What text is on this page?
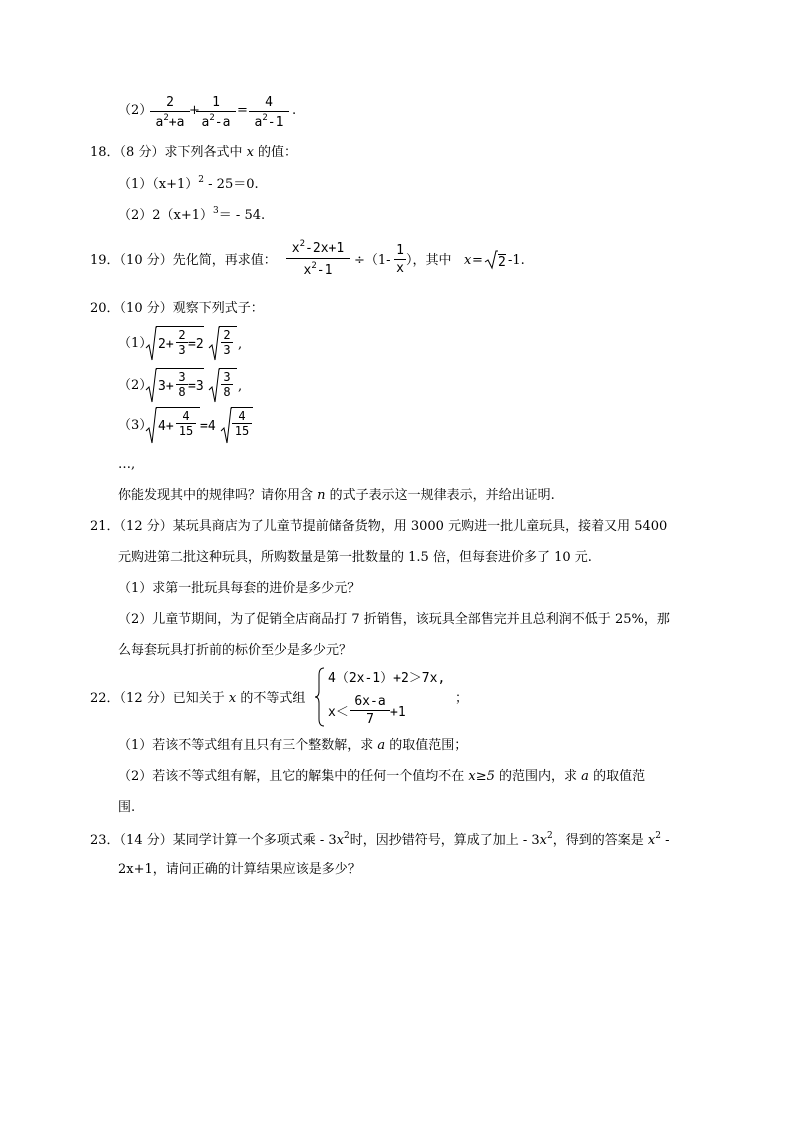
（2）
2
$a^2+a$
+
1
$a^2-a$
=
4
$a^2-1$
.
18．（8 分）求下列各式中 x 的值：
$(1)(x+1)^2 - 25=0$.
$(2)2(x+1)^3= - 54$.
19．（10 分）先化简，再求值：
$x^2-2x+1$
$x^2-1$
÷（1-
1
x
），其中 x = 2 -1.
20．（10 分）观察下列式子：
（1） 2+
2
3 =2
2
3 ,
（2） 3+
3
8 =3
3
8 ,
（3） 4+
4
15 =4
4
15
…,
你能发现其中的规律吗？请你用含 n 的式子表示这一规律表示，并给出证明.
21．（12 分）某玩具商店为了儿童节提前储备货物，用 3000 元购进一批儿童玩具，接着又用 5400
元购进第二批这种玩具，所购数量是第一批数量的 1.5 倍，但每套进价多了 10 元.
（1）求第一批玩具每套的进价是多少元？
（2）儿童节期间，为了促销全店商品打 7 折销售，该玩具全部售完并且总利润不低于 25%，那
么每套玩具打折前的标价至少是多少元？
22．（12 分）已知关于 x 的不等式组
4（2x-1）+2＞7x,
x＜
6x-a
7	+1
；
（1）若该不等式组有且只有三个整数解，求 a 的取值范围；
（2）若该不等式组有解，且它的解集中的任何一个值均不在 x≥5 的范围内，求 a 的取值范
围.
23．（14 分）某同学计算一个多项式乘 - $3x^2$时，因抄错符号，算成了加上 - $3x^2$，得到的答案是 $x^2$ -
2x+1，请问正确的计算结果应该是多少？
